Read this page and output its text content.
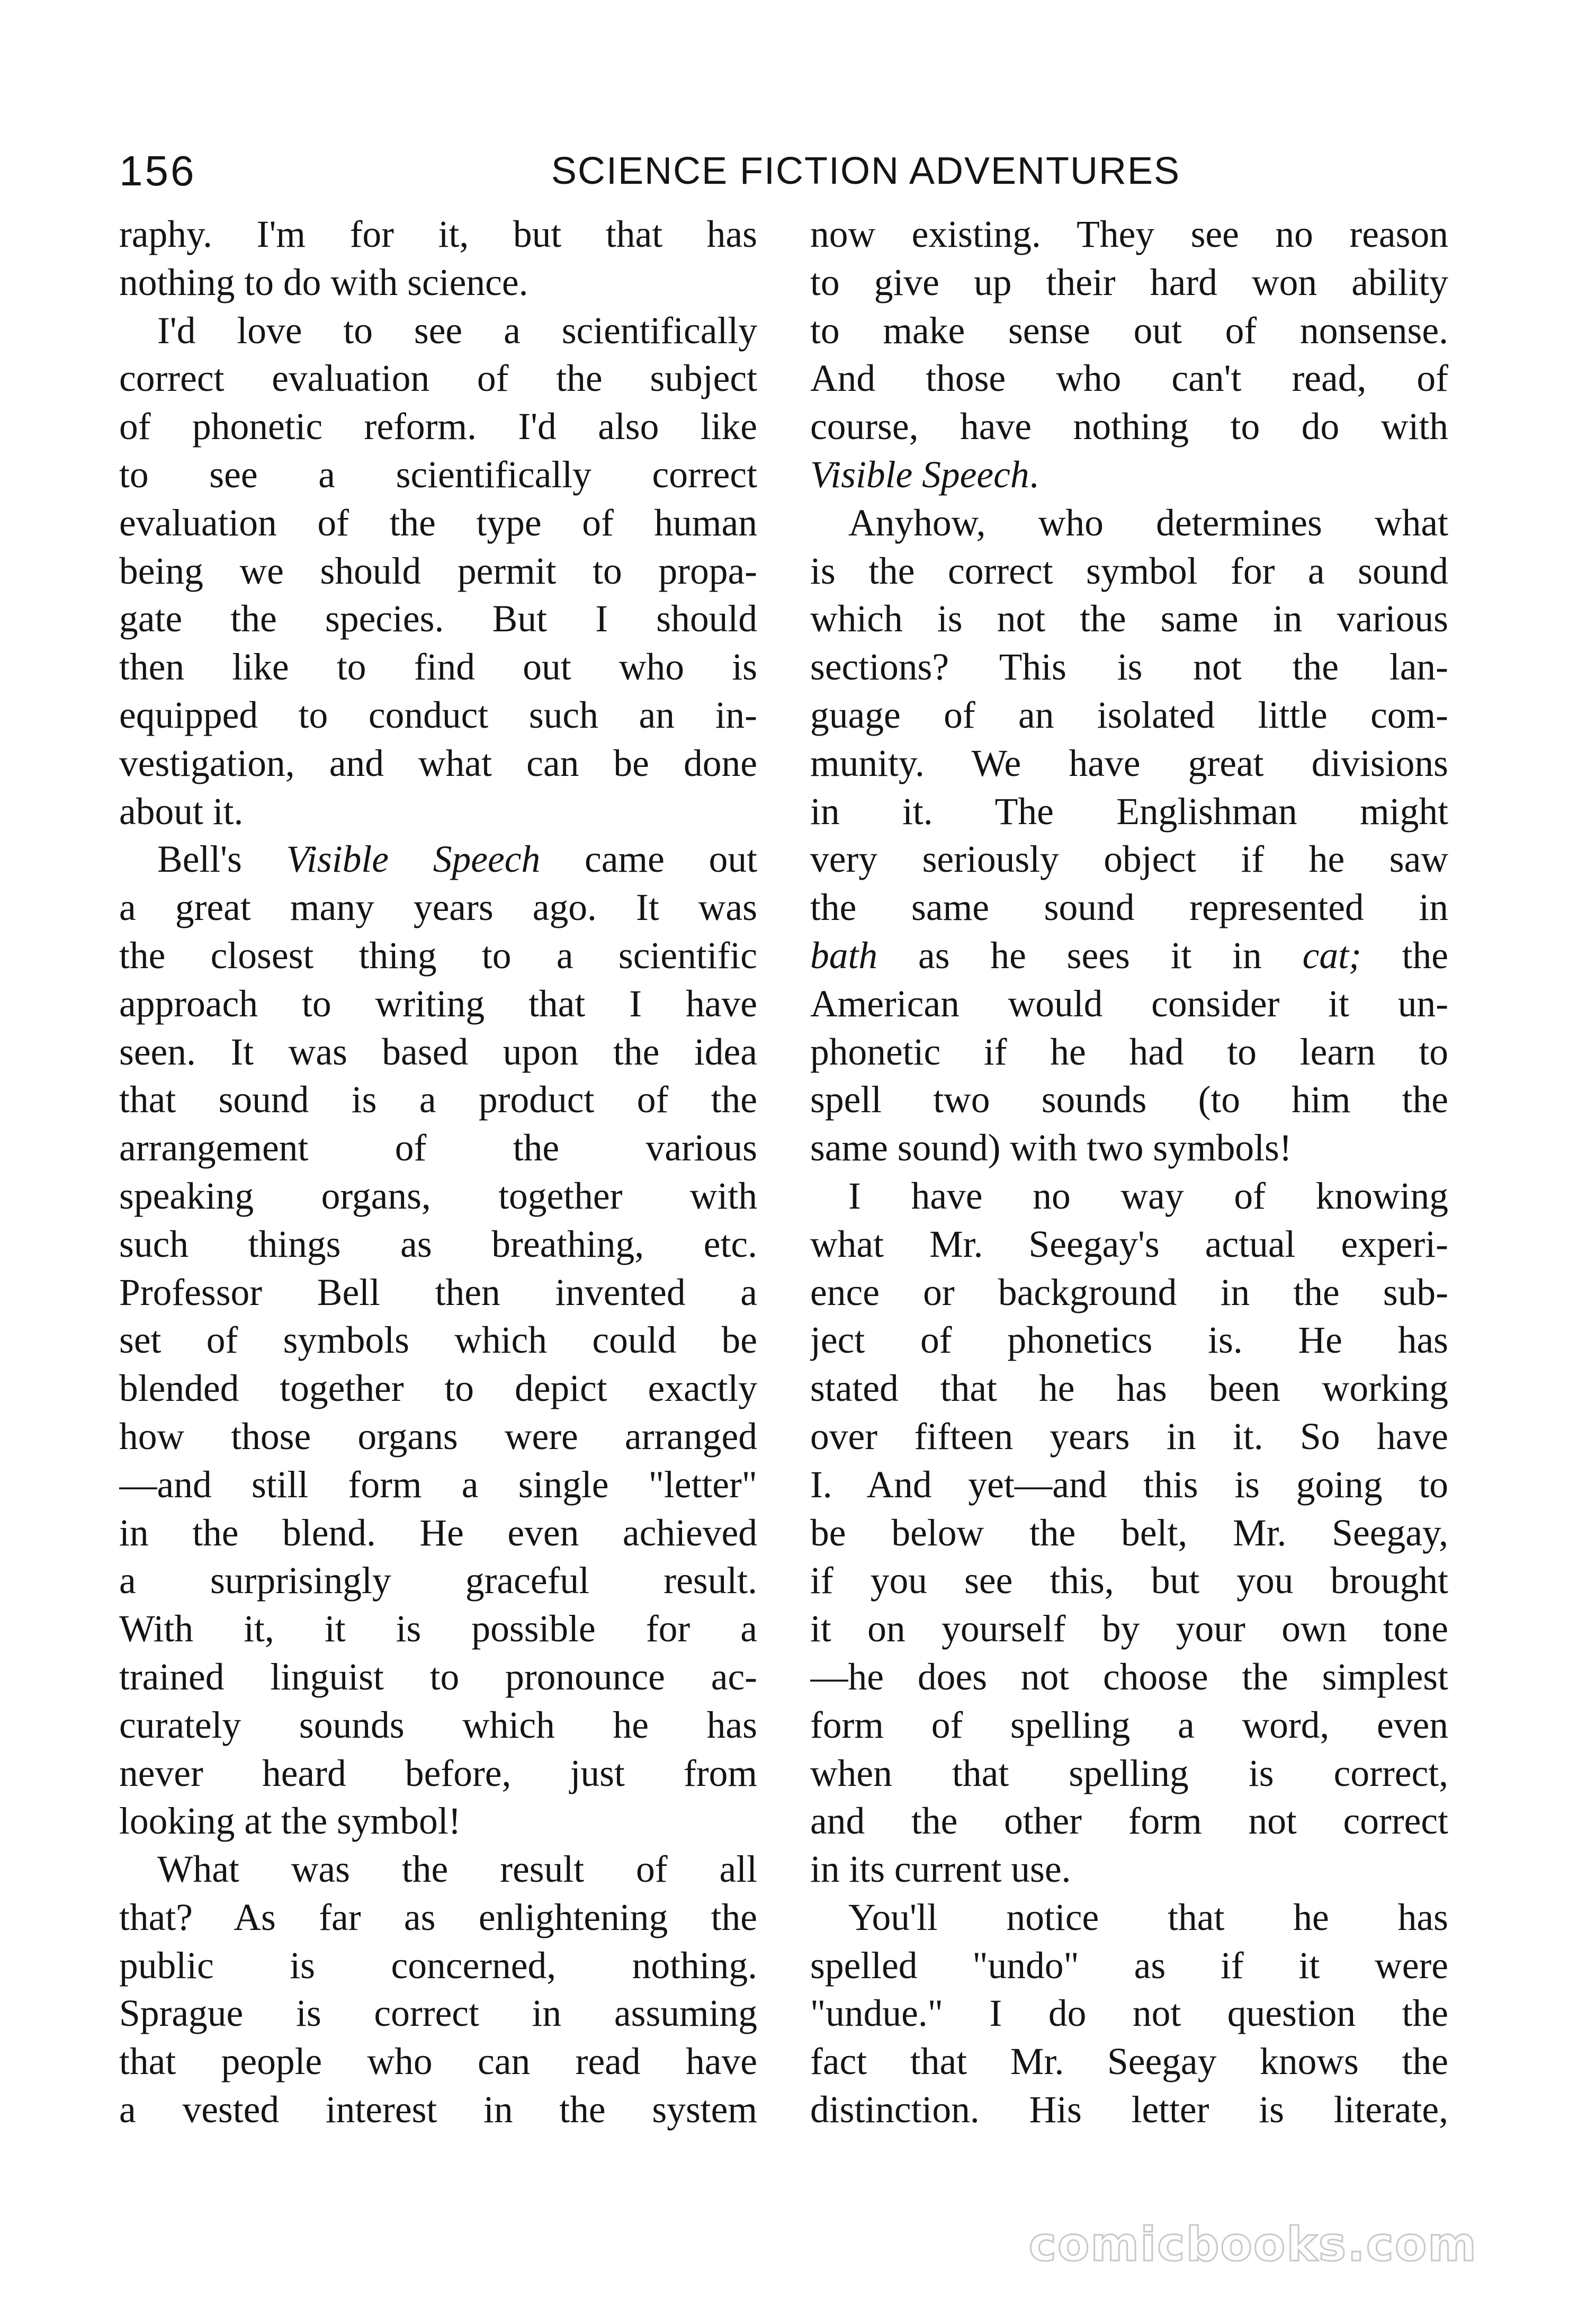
156	SCIENCE FICTION ADVENTURES
raphy. I'm for it, but that has
nothing to do with science.
I'd love to see a scientifically
correct evaluation of the subject
of phonetic reform. I'd also like
to see a scientifically correct
evaluation of the type of human
being we should permit to propa-
gate the species. But I should
then like to find out who is
equipped to conduct such an in-
vestigation, and what can be done
about it.
Bell's Visible Speech came out
a great many years ago. It was
the closest thing to a scientific
approach to writing that I have
seen. It was based upon the idea
that sound is a product of the
arrangement of the various
speaking organs, together with
such things as breathing, etc.
Professor Bell then invented a
set of symbols which could be
blended together to depict exactly
how those organs were arranged
—and still form a single "letter"
in the blend. He even achieved
a surprisingly graceful result.
With it, it is possible for a
trained linguist to pronounce ac-
curately sounds which he has
never heard before, just from
looking at the symbol!
What was the result of all
that? As far as enlightening the
public is concerned, nothing.
Sprague is correct in assuming
that people who can read have
a vested interest in the system
now existing. They see no reason
to give up their hard won ability
to make sense out of nonsense.
And those who can't read, of
course, have nothing to do with
Visible Speech.
Anyhow, who determines what
is the correct symbol for a sound
which is not the same in various
sections? This is not the lan-
guage of an isolated little com-
munity. We have great divisions
in it. The Englishman might
very seriously object if he saw
the same sound represented in
bath as he sees it in cat; the
American would consider it un-
phonetic if he had to learn to
spell two sounds (to him the
same sound) with two symbols!
I have no way of knowing
what Mr. Seegay's actual experi-
ence or background in the sub-
ject of phonetics is. He has
stated that he has been working
over fifteen years in it. So have
I. And yet—and this is going to
be below the belt, Mr. Seegay,
if you see this, but you brought
it on yourself by your own tone
—he does not choose the simplest
form of spelling a word, even
when that spelling is correct,
and the other form not correct
in its current use.
You'll notice that he has
spelled "undo" as if it were
"undue." I do not question the
fact that Mr. Seegay knows the
distinction. His letter is literate,
comicbooks.com
